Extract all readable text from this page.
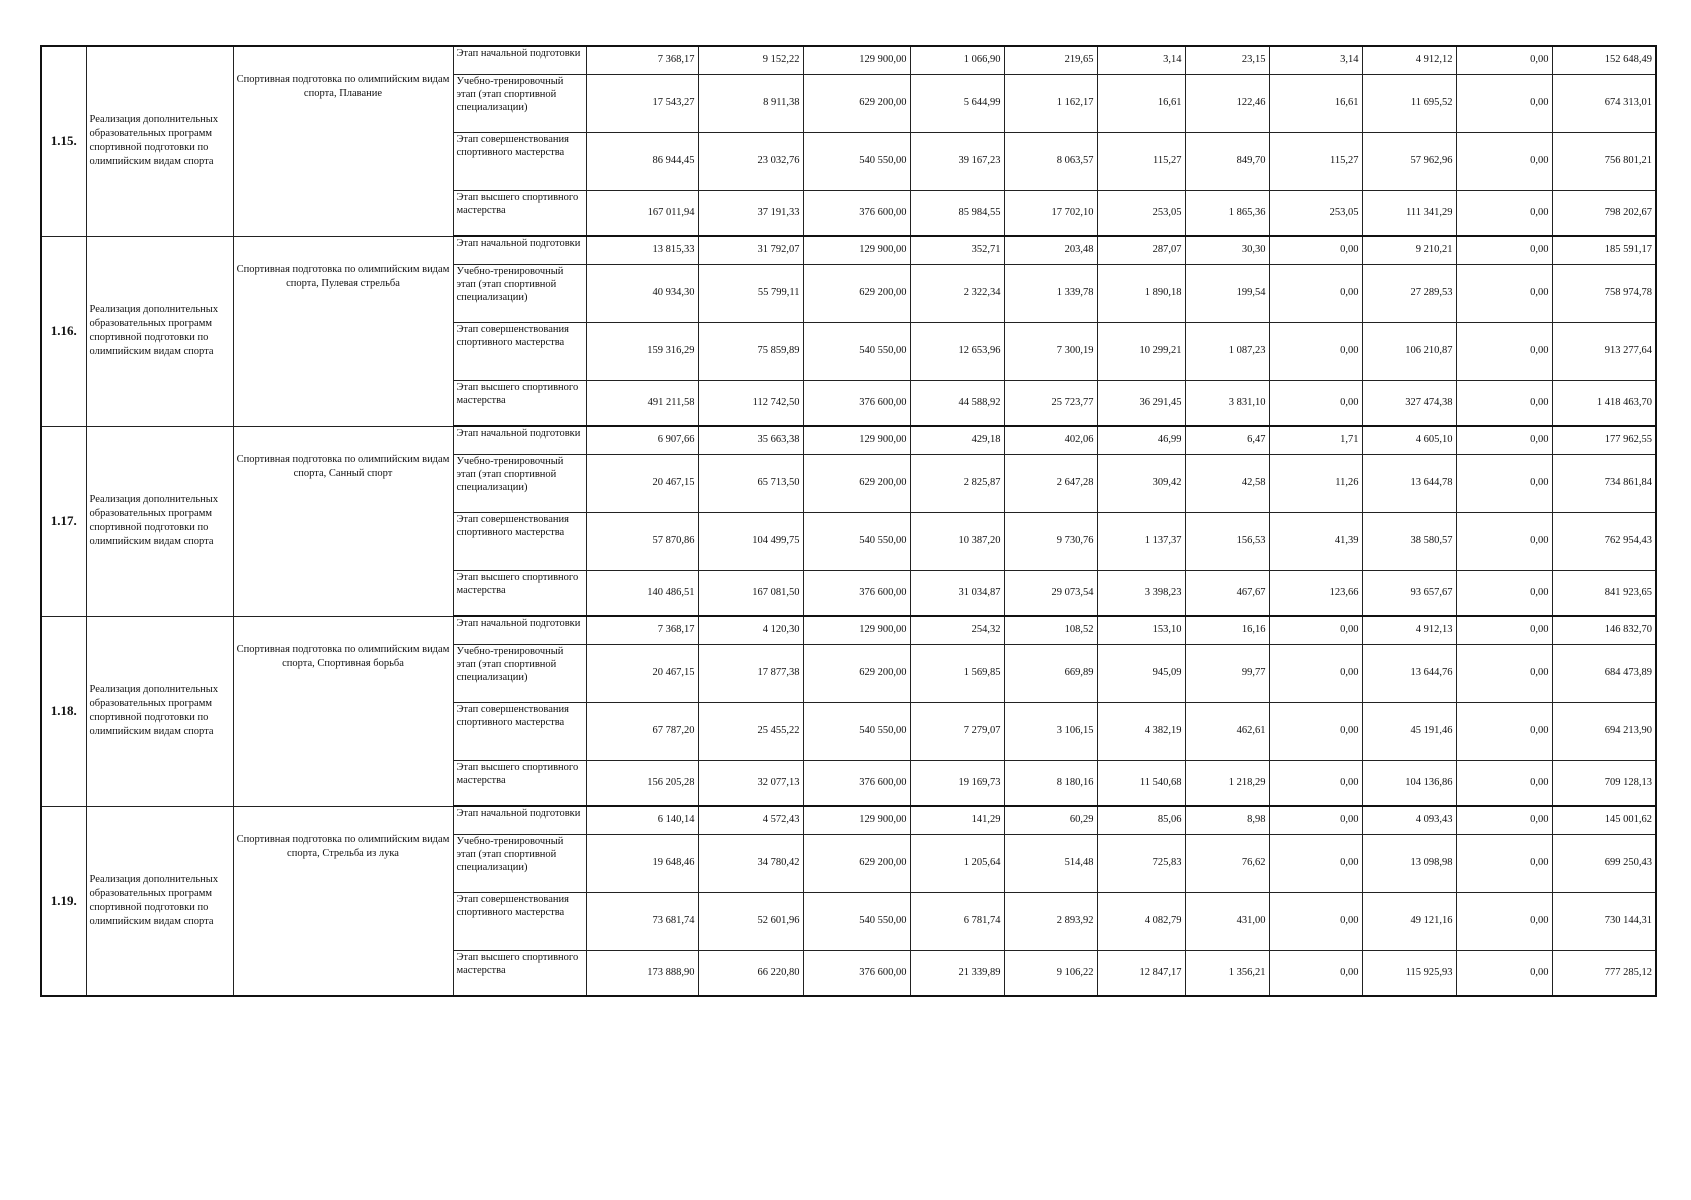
1.15.	Реализация дополнительных образовательных программ спортивной подготовки по олимпийским видам спорта	Спортивная подготовка по олимпийским видам спорта, Плавание	Этап начальной подготовки	7 368,17	9 152,22	129 900,00	1 066,90	219,65	3,14	23,15	3,14	4 912,12	0,00	152 648,49
			Учебно-тренировочный этап (этап спортивной специализации)	17 543,27	8 911,38	629 200,00	5 644,99	1 162,17	16,61	122,46	16,61	11 695,52	0,00	674 313,01
			Этап совершенствования спортивного мастерства	86 944,45	23 032,76	540 550,00	39 167,23	8 063,57	115,27	849,70	115,27	57 962,96	0,00	756 801,21
			Этап высшего спортивного мастерства	167 011,94	37 191,33	376 600,00	85 984,55	17 702,10	253,05	1 865,36	253,05	111 341,29	0,00	798 202,67
1.16.	Реализация дополнительных образовательных программ спортивной подготовки по олимпийским видам спорта	Спортивная подготовка по олимпийским видам спорта, Пулевая стрельба	Этап начальной подготовки	13 815,33	31 792,07	129 900,00	352,71	203,48	287,07	30,30	0,00	9 210,21	0,00	185 591,17
			Учебно-тренировочный этап (этап спортивной специализации)	40 934,30	55 799,11	629 200,00	2 322,34	1 339,78	1 890,18	199,54	0,00	27 289,53	0,00	758 974,78
			Этап совершенствования спортивного мастерства	159 316,29	75 859,89	540 550,00	12 653,96	7 300,19	10 299,21	1 087,23	0,00	106 210,87	0,00	913 277,64
			Этап высшего спортивного мастерства	491 211,58	112 742,50	376 600,00	44 588,92	25 723,77	36 291,45	3 831,10	0,00	327 474,38	0,00	1 418 463,70
1.17.	Реализация дополнительных образовательных программ спортивной подготовки по олимпийским видам спорта	Спортивная подготовка по олимпийским видам спорта, Санный спорт	Этап начальной подготовки	6 907,66	35 663,38	129 900,00	429,18	402,06	46,99	6,47	1,71	4 605,10	0,00	177 962,55
			Учебно-тренировочный этап (этап спортивной специализации)	20 467,15	65 713,50	629 200,00	2 825,87	2 647,28	309,42	42,58	11,26	13 644,78	0,00	734 861,84
			Этап совершенствования спортивного мастерства	57 870,86	104 499,75	540 550,00	10 387,20	9 730,76	1 137,37	156,53	41,39	38 580,57	0,00	762 954,43
			Этап высшего спортивного мастерства	140 486,51	167 081,50	376 600,00	31 034,87	29 073,54	3 398,23	467,67	123,66	93 657,67	0,00	841 923,65
1.18.	Реализация дополнительных образовательных программ спортивной подготовки по олимпийским видам спорта	Спортивная подготовка по олимпийским видам спорта, Спортивная борьба	Этап начальной подготовки	7 368,17	4 120,30	129 900,00	254,32	108,52	153,10	16,16	0,00	4 912,13	0,00	146 832,70
			Учебно-тренировочный этап (этап спортивной специализации)	20 467,15	17 877,38	629 200,00	1 569,85	669,89	945,09	99,77	0,00	13 644,76	0,00	684 473,89
			Этап совершенствования спортивного мастерства	67 787,20	25 455,22	540 550,00	7 279,07	3 106,15	4 382,19	462,61	0,00	45 191,46	0,00	694 213,90
			Этап высшего спортивного мастерства	156 205,28	32 077,13	376 600,00	19 169,73	8 180,16	11 540,68	1 218,29	0,00	104 136,86	0,00	709 128,13
1.19.	Реализация дополнительных образовательных программ спортивной подготовки по олимпийским видам спорта	Спортивная подготовка по олимпийским видам спорта, Стрельба из лука	Этап начальной подготовки	6 140,14	4 572,43	129 900,00	141,29	60,29	85,06	8,98	0,00	4 093,43	0,00	145 001,62
			Учебно-тренировочный этап (этап спортивной специализации)	19 648,46	34 780,42	629 200,00	1 205,64	514,48	725,83	76,62	0,00	13 098,98	0,00	699 250,43
			Этап совершенствования спортивного мастерства	73 681,74	52 601,96	540 550,00	6 781,74	2 893,92	4 082,79	431,00	0,00	49 121,16	0,00	730 144,31
			Этап высшего спортивного мастерства	173 888,90	66 220,80	376 600,00	21 339,89	9 106,22	12 847,17	1 356,21	0,00	115 925,93	0,00	777 285,12
